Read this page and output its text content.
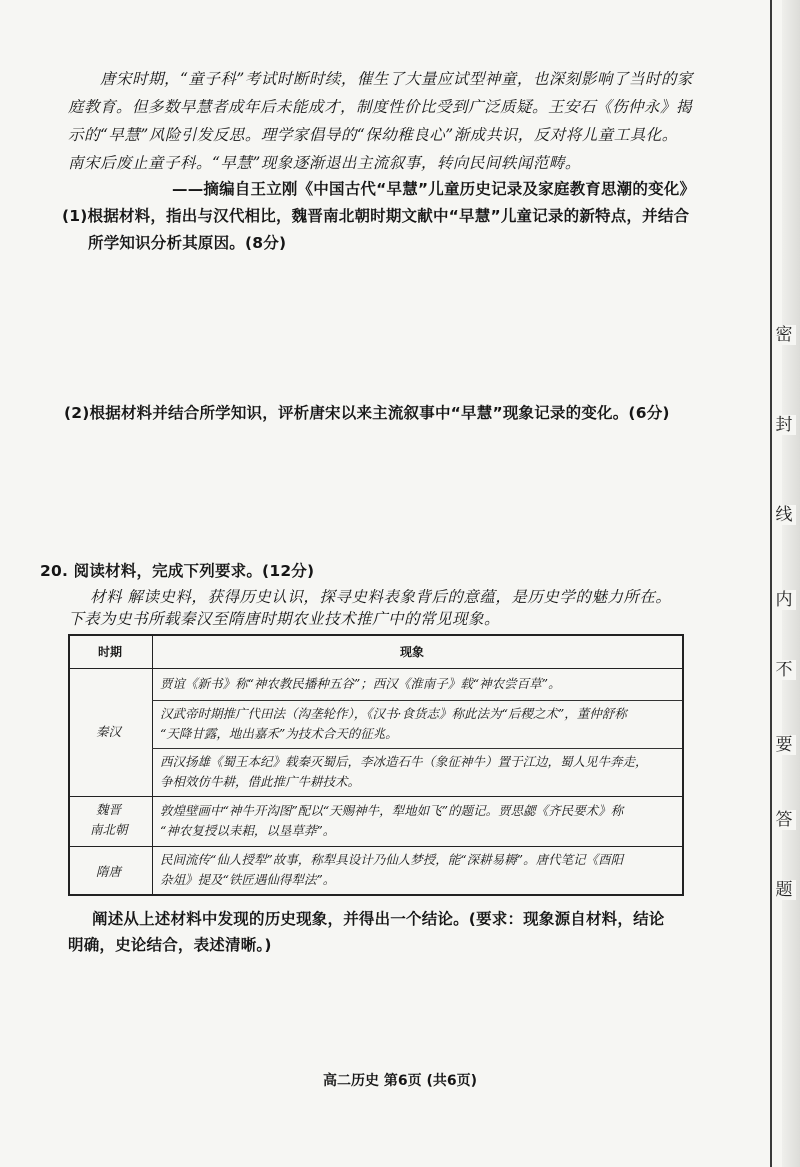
唐宋时期，“童子科”考试时断时续，催生了大量应试型神童，也深刻影响了当时的家
庭教育。但多数早慧者成年后未能成才，制度性价比受到广泛质疑。王安石《伤仲永》揭
示的“早慧”风险引发反思。理学家倡导的“保幼稚良心”渐成共识，反对将儿童工具化。
南宋后废止童子科。“早慧”现象逐渐退出主流叙事，转向民间轶闻范畴。
——摘编自王立刚《中国古代“早慧”儿童历史记录及家庭教育思潮的变化》
(1)根据材料，指出与汉代相比，魏晋南北朝时期文献中“早慧”儿童记录的新特点，并结合
所学知识分析其原因。(8分)
(2)根据材料并结合所学知识，评析唐宋以来主流叙事中“早慧”现象记录的变化。(6分)
20. 阅读材料，完成下列要求。(12分)
材料 解读史料，获得历史认识，探寻史料表象背后的意蕴，是历史学的魅力所在。
下表为史书所载秦汉至隋唐时期农业技术推广中的常见现象。
时期	现象
秦汉
魏晋
南北朝
隋唐
贾谊《新书》称“神农教民播种五谷”；西汉《淮南子》载“神农尝百草”。
汉武帝时期推广代田法（沟垄轮作），《汉书·食货志》称此法为“后稷之术”，董仲舒称
“天降甘露，地出嘉禾”为技术合天的征兆。
西汉扬雄《蜀王本纪》载秦灭蜀后，李冰造石牛（象征神牛）置于江边，蜀人见牛奔走，
争相效仿牛耕，借此推广牛耕技术。
敦煌壁画中“神牛开沟图”配以“天赐神牛，犁地如飞”的题记。贾思勰《齐民要术》称
“神农复授以耒耜，以垦草莽”。
民间流传“仙人授犁”故事，称犁具设计乃仙人梦授，能“深耕易耨”。唐代笔记《酉阳
杂俎》提及“铁匠遇仙得犁法”。
阐述从上述材料中发现的历史现象，并得出一个结论。(要求：现象源自材料，结论
明确，史论结合，表述清晰。)
高二历史 第6页 (共6页)
密
封
线
内
不
要
答
题
